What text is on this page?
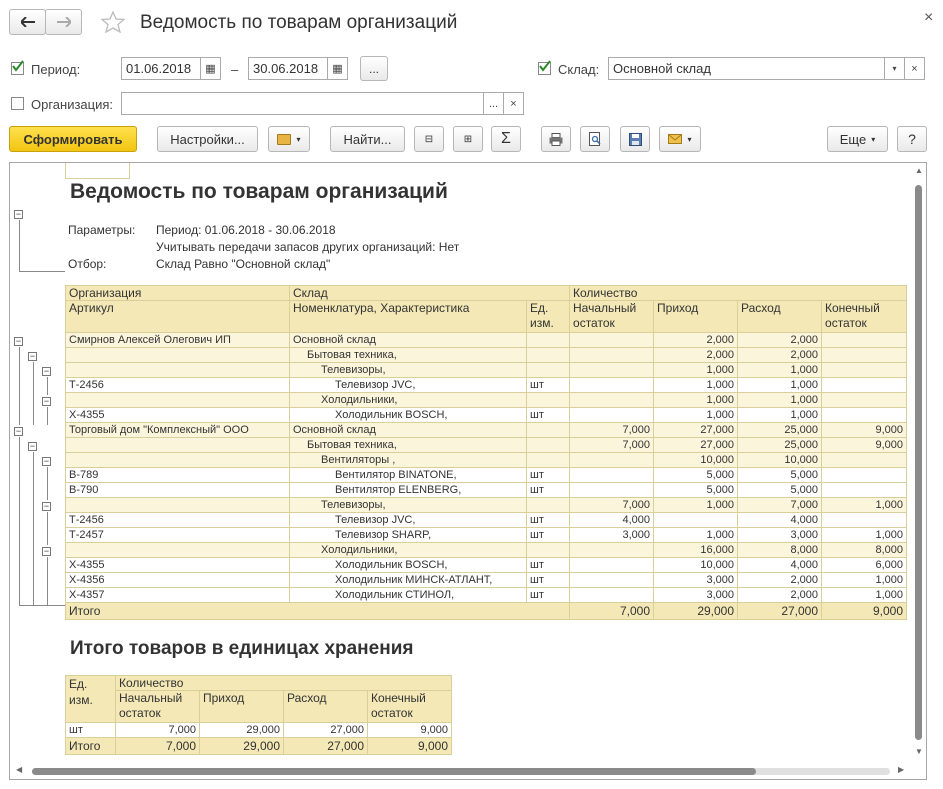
Ведомость по товарам организаций	×
Период:	01.06.2018	▦ –	30.06.2018	▦	...	Склад:	Основной склад	▾	×
Организация:	...	×
Сформировать	Настройки...	▾	Найти...	⊟	⊞	Σ	▾	Еще ▾	?
Ведомость по товарам организаций
Параметры: Период: 01.06.2018 - 30.06.2018
Учитывать передачи запасов других организаций: Нет
Отбор:	Склад Равно "Основной склад"
−
−
−
−
−
−
−
−
−
−
Организация	Склад		Количество			
Артикул	Номенклатура, Характеристика	Ед. изм.	Начальный остаток	Приход	Расход	Конечный остаток
Смирнов Алексей Олегович ИП	Основной склад			2,000	2,000	
	Бытовая техника,			2,000	2,000	
	Телевизоры,			1,000	1,000	
Т-2456	Телевизор JVC,	шт		1,000	1,000	
	Холодильники,			1,000	1,000	
Х-4355	Холодильник BOSCH,	шт		1,000	1,000	
Торговый дом "Комплексный" ООО	Основной склад		7,000	27,000	25,000	9,000
	Бытовая техника,		7,000	27,000	25,000	9,000
	Вентиляторы ,			10,000	10,000	
В-789	Вентилятор BINATONE,	шт		5,000	5,000	
В-790	Вентилятор ELENBERG,	шт		5,000	5,000	
	Телевизоры,		7,000	1,000	7,000	1,000
Т-2456	Телевизор JVC,	шт	4,000		4,000	
Т-2457	Телевизор SHARP,	шт	3,000	1,000	3,000	1,000
	Холодильники,			16,000	8,000	8,000
Х-4355	Холодильник BOSCH,	шт		10,000	4,000	6,000
Х-4356	Холодильник МИНСК-АТЛАНТ,	шт		3,000	2,000	1,000
Х-4357	Холодильник СТИНОЛ,	шт		3,000	2,000	1,000
Итого			7,000	29,000	27,000	9,000
Итого товаров в единицах хранения
Ед. изм.	Количество			
	Начальный остаток	Приход	Расход	Конечный остаток
шт	7,000	29,000	27,000	9,000
Итого	7,000	29,000	27,000	9,000
▲
▼
◀	▶
